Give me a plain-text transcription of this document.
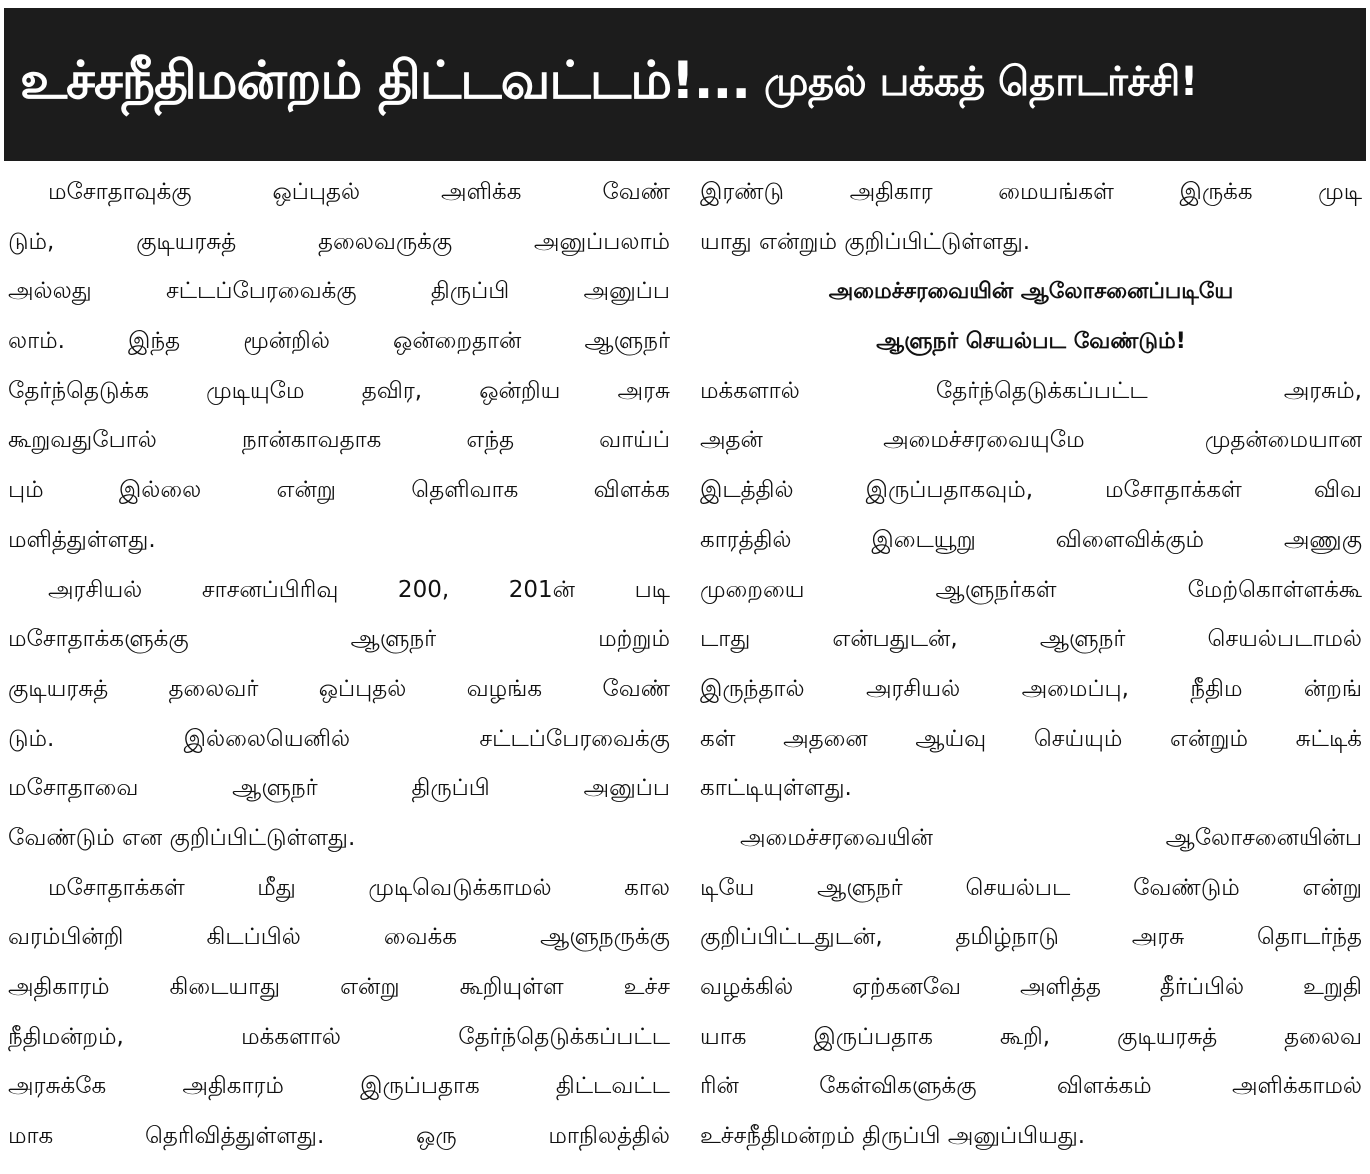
உச்சநீதிமன்றம் திட்டவட்டம்!... முதல் பக்கத் தொடர்ச்சி!
மசோதாவுக்கு ஒப்புதல் அளிக்க வேண்
டும், குடியரசுத் தலைவருக்கு அனுப்பலாம்
அல்லது சட்டப்பேரவைக்கு திருப்பி அனுப்ப
லாம். இந்த மூன்றில் ஒன்றைதான் ஆளுநர்
தேர்ந்தெடுக்க முடியுமே தவிர, ஒன்றிய அரசு
கூறுவதுபோல் நான்காவதாக எந்த வாய்ப்
பும் இல்லை என்று தெளிவாக விளக்க
மளித்துள்ளது.
அரசியல் சாசனப்பிரிவு 200, 201ன் படி
மசோதாக்களுக்கு ஆளுநர் மற்றும்
குடியரசுத் தலைவர் ஒப்புதல் வழங்க வேண்
டும். இல்லையெனில் சட்டப்பேரவைக்கு
மசோதாவை ஆளுநர் திருப்பி அனுப்ப
வேண்டும் என குறிப்பிட்டுள்ளது.
மசோதாக்கள் மீது முடிவெடுக்காமல் கால
வரம்பின்றி கிடப்பில் வைக்க ஆளுநருக்கு
அதிகாரம் கிடையாது என்று கூறியுள்ள உச்ச
நீதிமன்றம், மக்களால் தேர்ந்தெடுக்கப்பட்ட
அரசுக்கே அதிகாரம் இருப்பதாக திட்டவட்ட
மாக தெரிவித்துள்ளது. ஒரு மாநிலத்தில்
இரண்டு அதிகார மையங்கள் இருக்க முடி
யாது என்றும் குறிப்பிட்டுள்ளது.
அமைச்சரவையின் ஆலோசனைப்படியே
ஆளுநர் செயல்பட வேண்டும்!
மக்களால் தேர்ந்தெடுக்கப்பட்ட அரசும்,
அதன் அமைச்சரவையுமே முதன்மையான
இடத்தில் இருப்பதாகவும், மசோதாக்கள் விவ
காரத்தில் இடையூறு விளைவிக்கும் அணுகு
முறையை ஆளுநர்கள் மேற்கொள்ளக்கூ
டாது என்பதுடன், ஆளுநர் செயல்படாமல்
இருந்தால் அரசியல் அமைப்பு, நீதிம ன்றங்
கள் அதனை ஆய்வு செய்யும் என்றும் சுட்டிக்
காட்டியுள்ளது.
அமைச்சரவையின் ஆலோசனையின்ப
டியே ஆளுநர் செயல்பட வேண்டும் என்று
குறிப்பிட்டதுடன், தமிழ்நாடு அரசு தொடர்ந்த
வழக்கில் ஏற்கனவே அளித்த தீர்ப்பில் உறுதி
யாக இருப்பதாக கூறி, குடியரசுத் தலைவ
ரின் கேள்விகளுக்கு விளக்கம் அளிக்காமல்
உச்சநீதிமன்றம் திருப்பி அனுப்பியது.
